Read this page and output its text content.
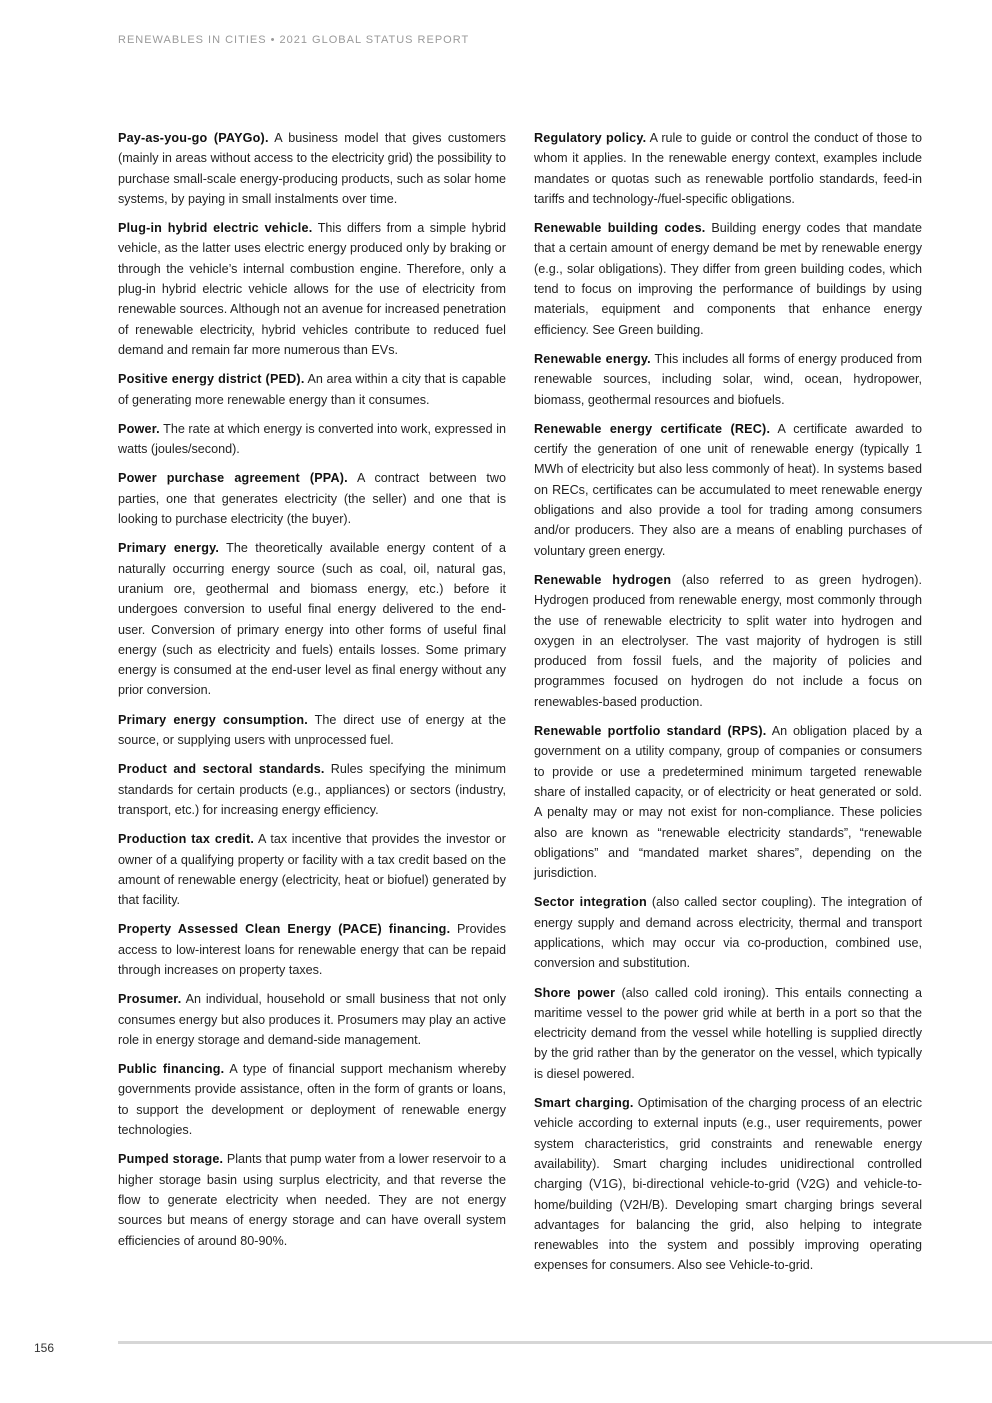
RENEWABLES IN CITIES • 2021 GLOBAL STATUS REPORT

Pay-as-you-go (PAYGo). A business model that gives customers (mainly in areas without access to the electricity grid) the possibility to purchase small-scale energy-producing products, such as solar home systems, by paying in small instalments over time.

Plug-in hybrid electric vehicle. This differs from a simple hybrid vehicle, as the latter uses electric energy produced only by braking or through the vehicle’s internal combustion engine. Therefore, only a plug-in hybrid electric vehicle allows for the use of electricity from renewable sources. Although not an avenue for increased penetration of renewable electricity, hybrid vehicles contribute to reduced fuel demand and remain far more numerous than EVs.

Positive energy district (PED). An area within a city that is capable of generating more renewable energy than it consumes.

Power. The rate at which energy is converted into work, expressed in watts (joules/second).

Power purchase agreement (PPA). A contract between two parties, one that generates electricity (the seller) and one that is looking to purchase electricity (the buyer).

Primary energy. The theoretically available energy content of a naturally occurring energy source (such as coal, oil, natural gas, uranium ore, geothermal and biomass energy, etc.) before it undergoes conversion to useful final energy delivered to the end-user. Conversion of primary energy into other forms of useful final energy (such as electricity and fuels) entails losses. Some primary energy is consumed at the end-user level as final energy without any prior conversion.

Primary energy consumption. The direct use of energy at the source, or supplying users with unprocessed fuel.

Product and sectoral standards. Rules specifying the minimum standards for certain products (e.g., appliances) or sectors (industry, transport, etc.) for increasing energy efficiency.

Production tax credit. A tax incentive that provides the investor or owner of a qualifying property or facility with a tax credit based on the amount of renewable energy (electricity, heat or biofuel) generated by that facility.

Property Assessed Clean Energy (PACE) financing. Provides access to low-interest loans for renewable energy that can be repaid through increases on property taxes.

Prosumer. An individual, household or small business that not only consumes energy but also produces it. Prosumers may play an active role in energy storage and demand-side management.

Public financing. A type of financial support mechanism whereby governments provide assistance, often in the form of grants or loans, to support the development or deployment of renewable energy technologies.

Pumped storage. Plants that pump water from a lower reservoir to a higher storage basin using surplus electricity, and that reverse the flow to generate electricity when needed. They are not energy sources but means of energy storage and can have overall system efficiencies of around 80-90%.

Regulatory policy. A rule to guide or control the conduct of those to whom it applies. In the renewable energy context, examples include mandates or quotas such as renewable portfolio standards, feed-in tariffs and technology-/fuel-specific obligations.

Renewable building codes. Building energy codes that mandate that a certain amount of energy demand be met by renewable energy (e.g., solar obligations). They differ from green building codes, which tend to focus on improving the performance of buildings by using materials, equipment and components that enhance energy efficiency. See Green building.

Renewable energy. This includes all forms of energy produced from renewable sources, including solar, wind, ocean, hydropower, biomass, geothermal resources and biofuels.

Renewable energy certificate (REC). A certificate awarded to certify the generation of one unit of renewable energy (typically 1 MWh of electricity but also less commonly of heat). In systems based on RECs, certificates can be accumulated to meet renewable energy obligations and also provide a tool for trading among consumers and/or producers. They also are a means of enabling purchases of voluntary green energy.

Renewable hydrogen (also referred to as green hydrogen). Hydrogen produced from renewable energy, most commonly through the use of renewable electricity to split water into hydrogen and oxygen in an electrolyser. The vast majority of hydrogen is still produced from fossil fuels, and the majority of policies and programmes focused on hydrogen do not include a focus on renewables-based production.

Renewable portfolio standard (RPS). An obligation placed by a government on a utility company, group of companies or consumers to provide or use a predetermined minimum targeted renewable share of installed capacity, or of electricity or heat generated or sold. A penalty may or may not exist for non-compliance. These policies also are known as “renewable electricity standards”, “renewable obligations” and “mandated market shares”, depending on the jurisdiction.

Sector integration (also called sector coupling). The integration of energy supply and demand across electricity, thermal and transport applications, which may occur via co-production, combined use, conversion and substitution.

Shore power (also called cold ironing). This entails connecting a maritime vessel to the power grid while at berth in a port so that the electricity demand from the vessel while hotelling is supplied directly by the grid rather than by the generator on the vessel, which typically is diesel powered.

Smart charging. Optimisation of the charging process of an electric vehicle according to external inputs (e.g., user requirements, power system characteristics, grid constraints and renewable energy availability). Smart charging includes unidirectional controlled charging (V1G), bi-directional vehicle-to-grid (V2G) and vehicle-to-home/building (V2H/B). Developing smart charging brings several advantages for balancing the grid, also helping to integrate renewables into the system and possibly improving operating expenses for consumers. Also see Vehicle-to-grid.

156
